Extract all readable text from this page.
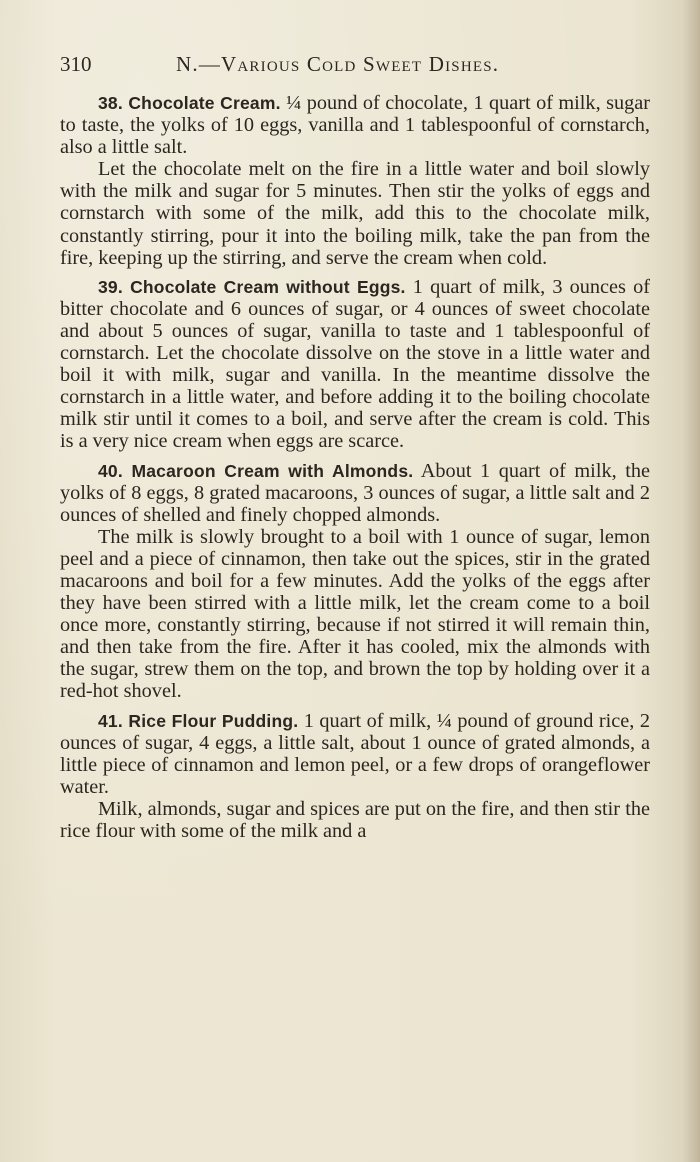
310	N.—Various Cold Sweet Dishes.

38. Chocolate Cream. ¼ pound of chocolate, 1 quart of milk, sugar to taste, the yolks of 10 eggs, vanilla and 1 tablespoonful of cornstarch, also a little salt.

Let the chocolate melt on the fire in a little water and boil slowly with the milk and sugar for 5 minutes. Then stir the yolks of eggs and cornstarch with some of the milk, add this to the chocolate milk, constantly stirring, pour it into the boiling milk, take the pan from the fire, keeping up the stirring, and serve the cream when cold.

39. Chocolate Cream without Eggs. 1 quart of milk, 3 ounces of bitter chocolate and 6 ounces of sugar, or 4 ounces of sweet chocolate and about 5 ounces of sugar, vanilla to taste and 1 tablespoonful of cornstarch. Let the chocolate dissolve on the stove in a little water and boil it with milk, sugar and vanilla. In the meantime dissolve the cornstarch in a little water, and before adding it to the boiling chocolate milk stir until it comes to a boil, and serve after the cream is cold. This is a very nice cream when eggs are scarce.

40. Macaroon Cream with Almonds. About 1 quart of milk, the yolks of 8 eggs, 8 grated macaroons, 3 ounces of sugar, a little salt and 2 ounces of shelled and finely chopped almonds.

The milk is slowly brought to a boil with 1 ounce of sugar, lemon peel and a piece of cinnamon, then take out the spices, stir in the grated macaroons and boil for a few minutes. Add the yolks of the eggs after they have been stirred with a little milk, let the cream come to a boil once more, constantly stirring, because if not stirred it will remain thin, and then take from the fire. After it has cooled, mix the almonds with the sugar, strew them on the top, and brown the top by holding over it a red-hot shovel.

41. Rice Flour Pudding. 1 quart of milk, ¼ pound of ground rice, 2 ounces of sugar, 4 eggs, a little salt, about 1 ounce of grated almonds, a little piece of cinnamon and lemon peel, or a few drops of orangeflower water.

Milk, almonds, sugar and spices are put on the fire, and then stir the rice flour with some of the milk and a
